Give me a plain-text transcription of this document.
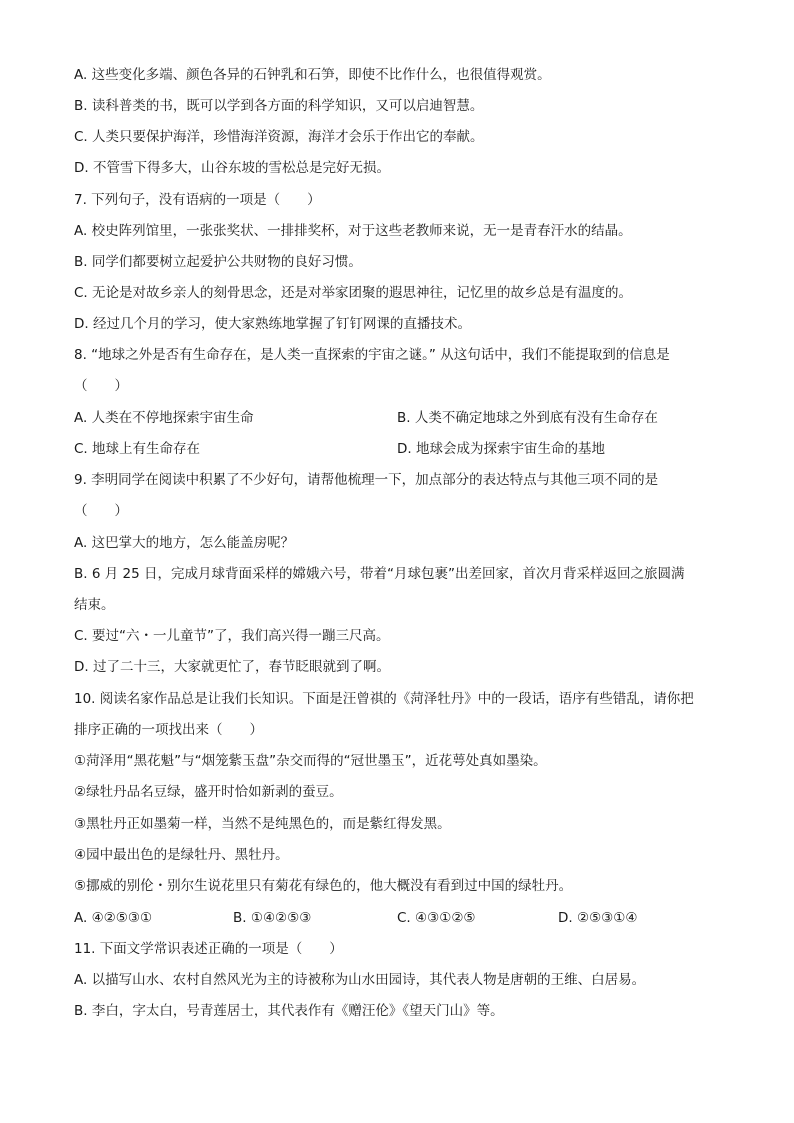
A. 这些变化多端、颜色各异的石钟乳和石笋，即使不比作什么，也很值得观赏。
B. 读科普类的书，既可以学到各方面的科学知识，又可以启迪智慧。
C. 人类只要保护海洋，珍惜海洋资源，海洋才会乐于作出它的奉献。
D. 不管雪下得多大，山谷东坡的雪松总是完好无损。
7. 下列句子，没有语病的一项是（　　）
A. 校史阵列馆里，一张张奖状、一排排奖杯，对于这些老教师来说，无一是青春汗水的结晶。
B. 同学们都要树立起爱护公共财物的良好习惯。
C. 无论是对故乡亲人的刻骨思念，还是对举家团聚的遐思神往，记忆里的故乡总是有温度的。
D. 经过几个月的学习，使大家熟练地掌握了钉钉网课的直播技术。
8. “地球之外是否有生命存在，是人类一直探索的宇宙之谜。” 从这句话中，我们不能提取到的信息是
（　　）
A. 人类在不停地探索宇宙生命	B. 人类不确定地球之外到底有没有生命存在
C. 地球上有生命存在	D. 地球会成为探索宇宙生命的基地
9. 李明同学在阅读中积累了不少好句，请帮他梳理一下，加点部分的表达特点与其他三项不同的是
（　　）
A. 这巴掌大的地方，怎么能盖房呢？
B. 6 月 25 日，完成月球背面采样的嫦娥六号，带着“月球包裹”出差回家，首次月背采样返回之旅圆满
结束。
C. 要过“六・一儿童节”了，我们高兴得一蹦三尺高。
D. 过了二十三，大家就更忙了，春节眨眼就到了啊。
10. 阅读名家作品总是让我们长知识。下面是汪曾祺的《菏泽牡丹》中的一段话，语序有些错乱，请你把
排序正确的一项找出来（　　）
①菏泽用“黑花魁”与“烟笼紫玉盘”杂交而得的“冠世墨玉”，近花萼处真如墨染。
②绿牡丹品名豆绿，盛开时恰如新剥的蚕豆。
③黑牡丹正如墨菊一样，当然不是纯黑色的，而是紫红得发黑。
④园中最出色的是绿牡丹、黑牡丹。
⑤挪威的别伦・别尔生说花里只有菊花有绿色的，他大概没有看到过中国的绿牡丹。
A. ④②⑤③①	B. ①④②⑤③	C. ④③①②⑤	D. ②⑤③①④
11. 下面文学常识表述正确的一项是（　　）
A. 以描写山水、农村自然风光为主的诗被称为山水田园诗，其代表人物是唐朝的王维、白居易。
B. 李白，字太白，号青莲居士，其代表作有《赠汪伦》《望天门山》等。
